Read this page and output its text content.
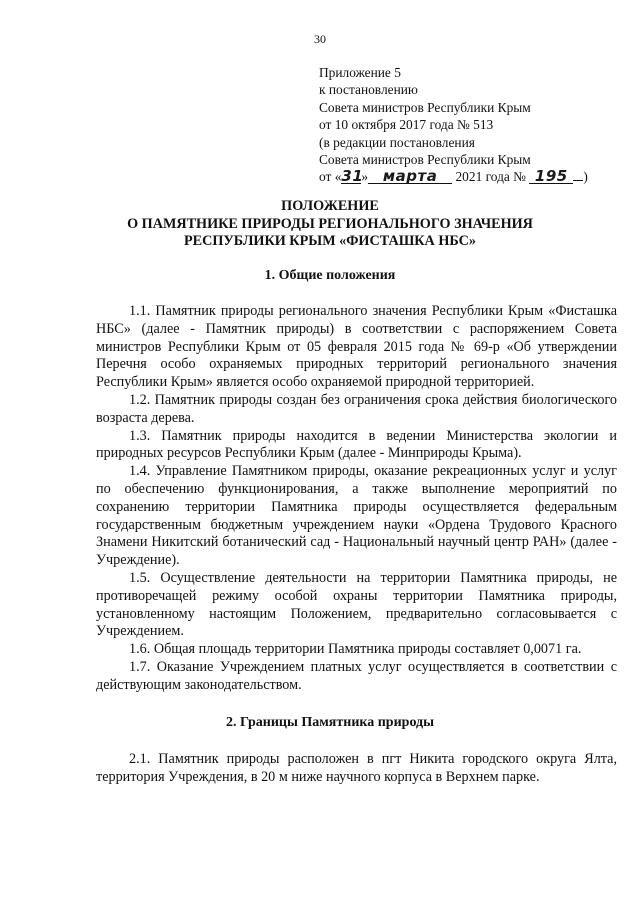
30
Приложение 5
к постановлению
Совета министров Республики Крым
от 10 октября 2017 года № 513
(в редакции постановления
Совета министров Республики Крым
от «31» марта 2021 года № 195 )
ПОЛОЖЕНИЕ
О ПАМЯТНИКЕ ПРИРОДЫ РЕГИОНАЛЬНОГО ЗНАЧЕНИЯ
РЕСПУБЛИКИ КРЫМ «ФИСТАШКА НБС»
1. Общие положения

1.1. Памятник природы регионального значения Республики Крым «Фисташка НБС» (далее - Памятник природы) в соответствии с распоряжением Совета министров Республики Крым от 05 февраля 2015 года № 69-р «Об утверждении Перечня особо охраняемых природных территорий регионального значения Республики Крым» является особо охраняемой природной территорией.

1.2. Памятник природы создан без ограничения срока действия биологического возраста дерева.

1.3. Памятник природы находится в ведении Министерства экологии и природных ресурсов Республики Крым (далее - Минприроды Крыма).

1.4. Управление Памятником природы, оказание рекреационных услуг и услуг по обеспечению функционирования, а также выполнение мероприятий по сохранению территории Памятника природы осуществляется федеральным государственным бюджетным учреждением науки «Ордена Трудового Красного Знамени Никитский ботанический сад - Национальный научный центр РАН» (далее - Учреждение).

1.5. Осуществление деятельности на территории Памятника природы, не противоречащей режиму особой охраны территории Памятника природы, установленному настоящим Положением, предварительно согласовывается с Учреждением.

1.6. Общая площадь территории Памятника природы составляет 0,0071 га.

1.7. Оказание Учреждением платных услуг осуществляется в соответствии с действующим законодательством.

2. Границы Памятника природы

2.1. Памятник природы расположен в пгт Никита городского округа Ялта, территория Учреждения, в 20 м ниже научного корпуса в Верхнем парке.
